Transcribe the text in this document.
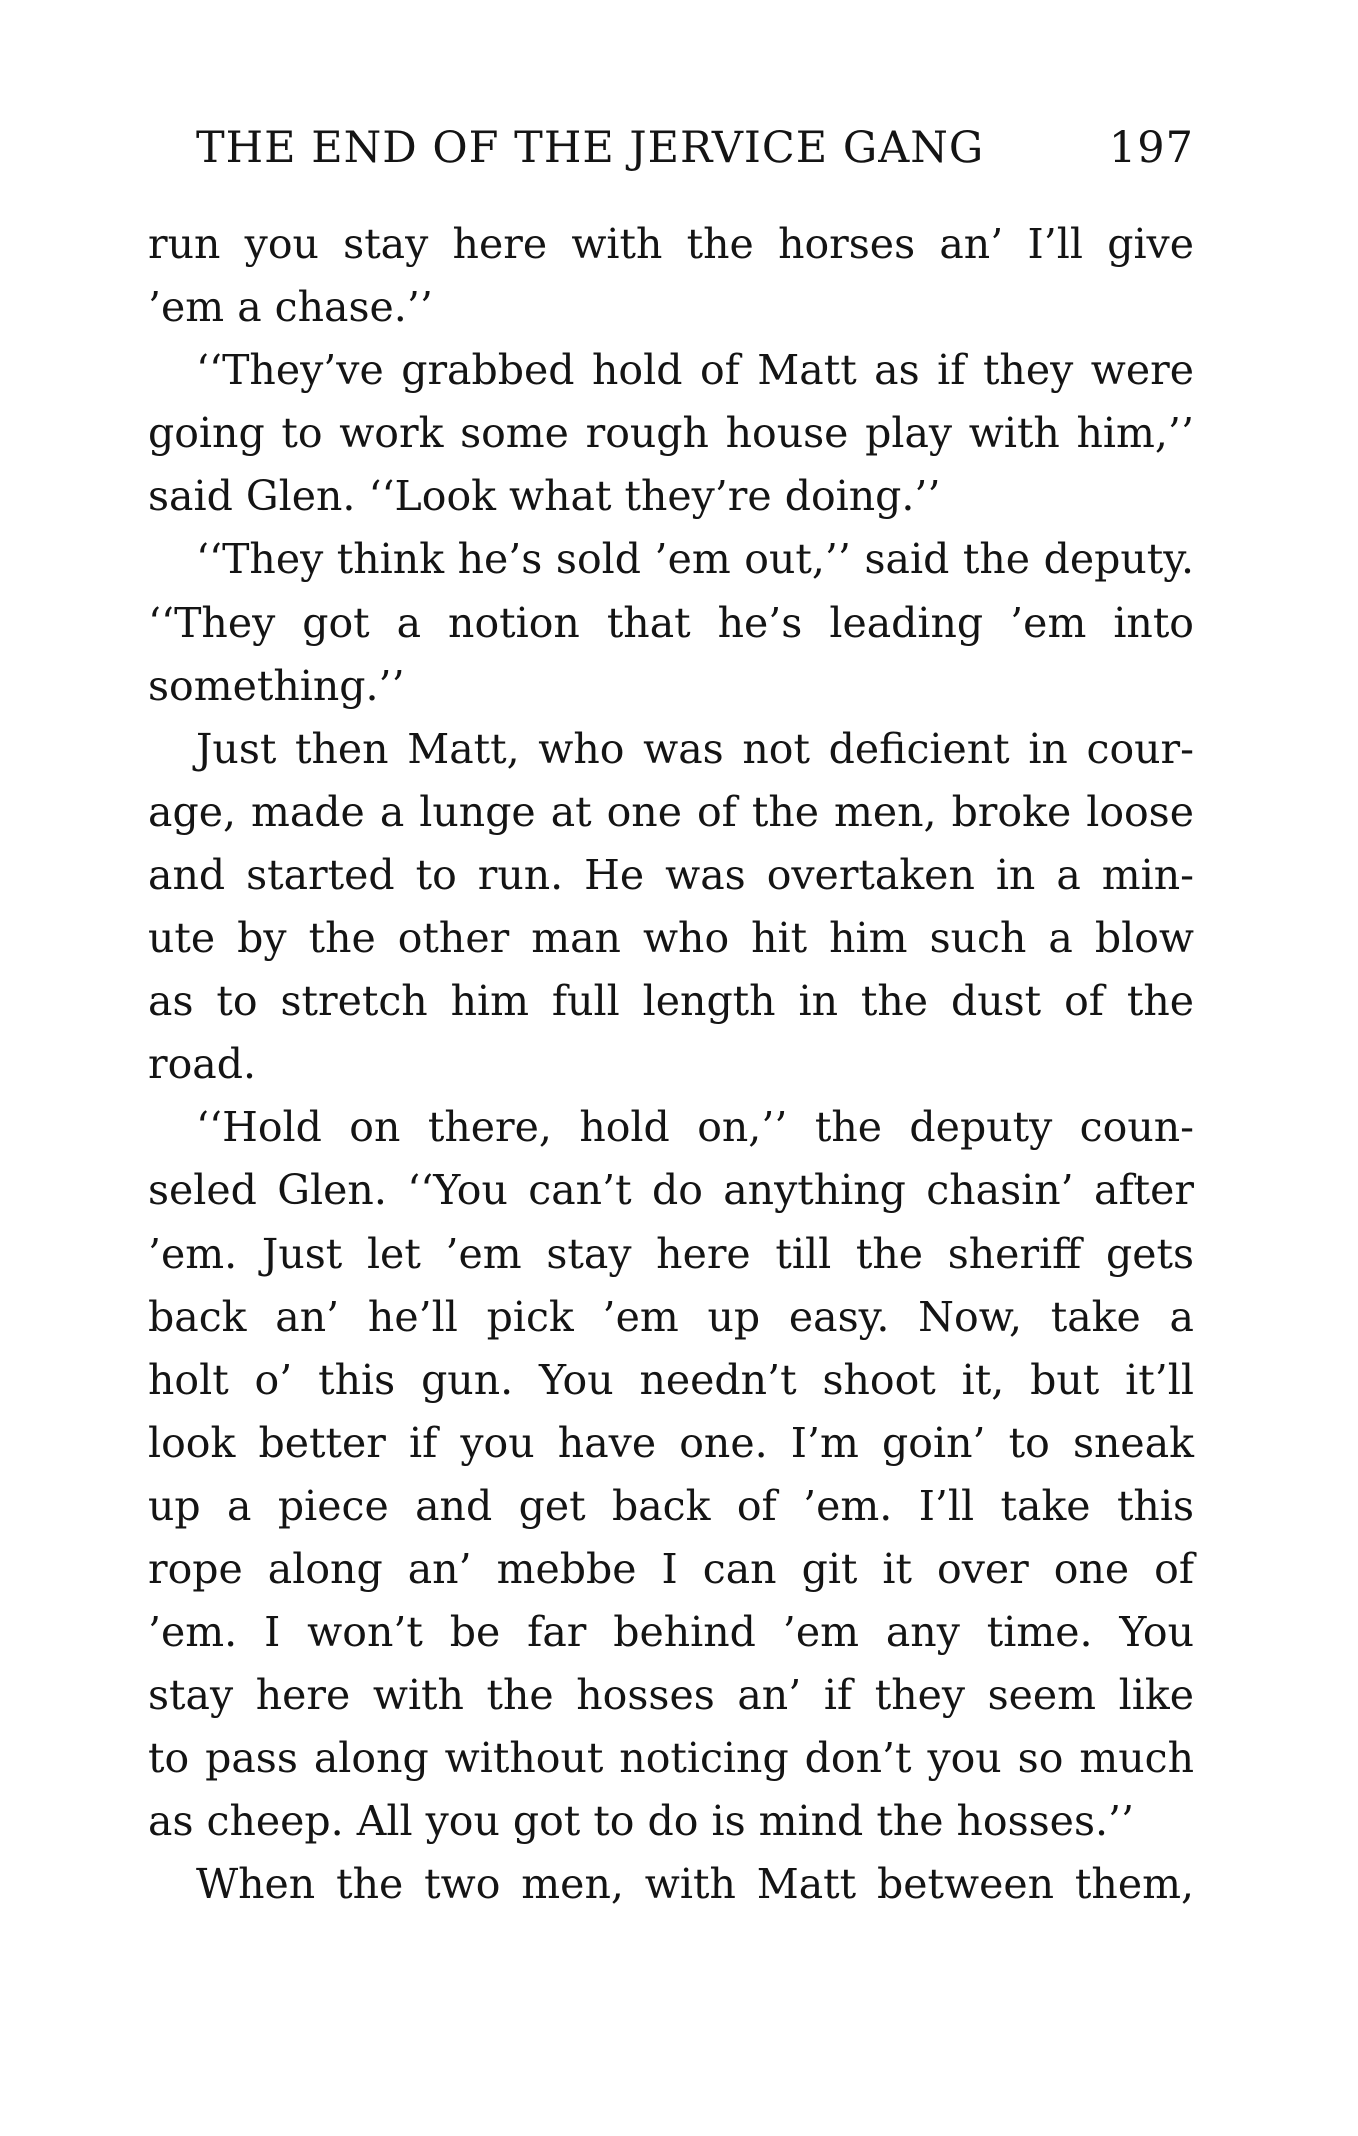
THE END OF THE JERVICE GANG	197
run you stay here with the horses an’ I’ll give
’em a chase.’’
‘‘They’ve grabbed hold of Matt as if they were
going to work some rough house play with him,’’
said Glen. ‘‘Look what they’re doing.’’
‘‘They think he’s sold ’em out,’’ said the deputy.
‘‘They got a notion that he’s leading ’em into
something.’’
Just then Matt, who was not deficient in cour-
age, made a lunge at one of the men, broke loose
and started to run. He was overtaken in a min-
ute by the other man who hit him such a blow
as to stretch him full length in the dust of the
road.
‘‘Hold on there, hold on,’’ the deputy coun-
seled Glen. ‘‘You can’t do anything chasin’ after
’em. Just let ’em stay here till the sheriff gets
back an’ he’ll pick ’em up easy. Now, take a
holt o’ this gun. You needn’t shoot it, but it’ll
look better if you have one. I’m goin’ to sneak
up a piece and get back of ’em. I’ll take this
rope along an’ mebbe I can git it over one of
’em. I won’t be far behind ’em any time. You
stay here with the hosses an’ if they seem like
to pass along without noticing don’t you so much
as cheep. All you got to do is mind the hosses.’’
When the two men, with Matt between them,
